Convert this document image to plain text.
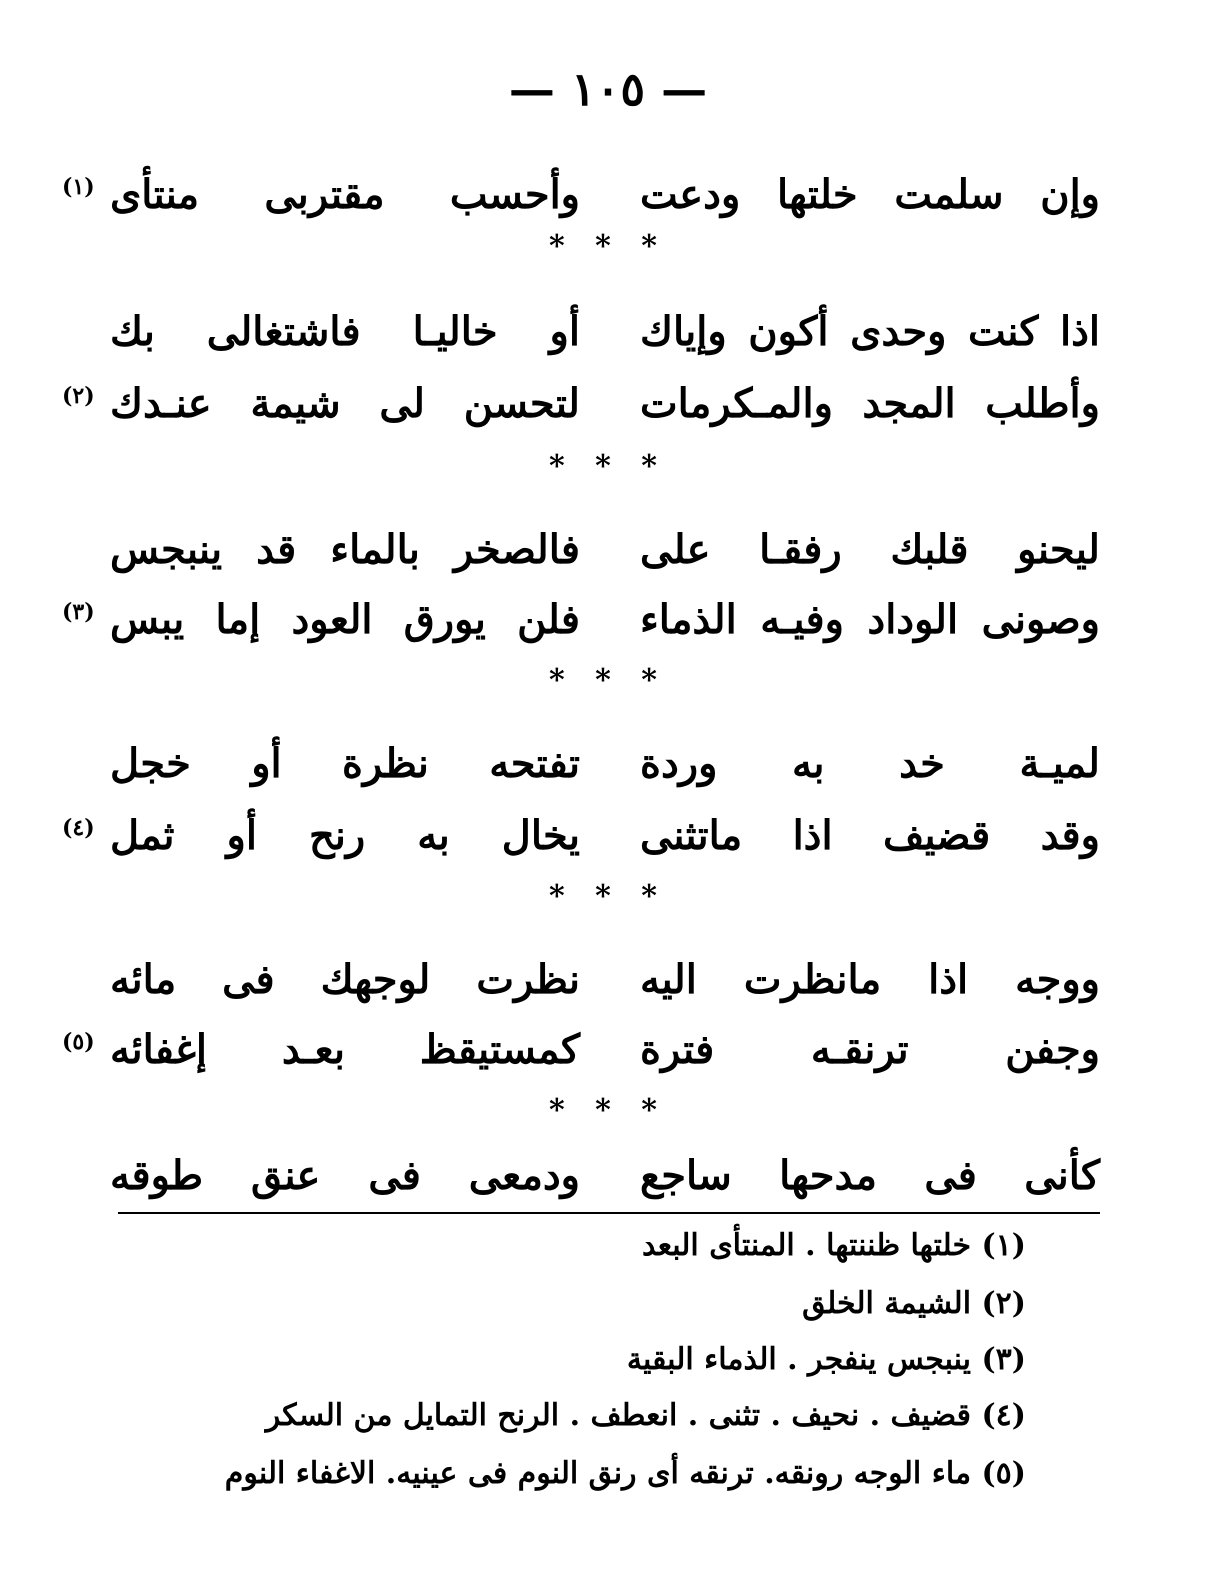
— ١٠٥ —
وإن سلمت خلتها ودعت
وأحسب مقتربى منتأى
(١)
* * *
اذا كنت وحدى أكون وإياك
أو خاليـا فاشتغالى بك
وأطلب المجد والمـكرمات
لتحسن لى شيمة عنـدك
(٢)
* * *
ليحنو قلبك رفقـا على
فالصخر بالماء قد ينبجس
وصونى الوداد وفيـه الذماء
فلن يورق العود إما يبس
(٣)
* * *
لميـة خد به وردة
تفتحه نظرة أو خجل
وقد قضيف اذا ماتثنى
يخال به رنح أو ثمل
(٤)
* * *
ووجه اذا مانظرت اليه
نظرت لوجهك فى مائه
وجفن ترنقـه فترة
كمستيقظ بعـد إغفائه
(٥)
* * *
كأنى فى مدحها ساجع
ودمعى فى عنق طوقه
(١) خلتها ظننتها . المنتأى البعد
(٢) الشيمة الخلق
(٣) ينبجس ينفجر . الذماء البقية
(٤) قضيف . نحيف . تثنى . انعطف . الرنح التمايل من السكر
(٥) ماء الوجه رونقه. ترنقه أى رنق النوم فى عينيه. الاغفاء النوم
